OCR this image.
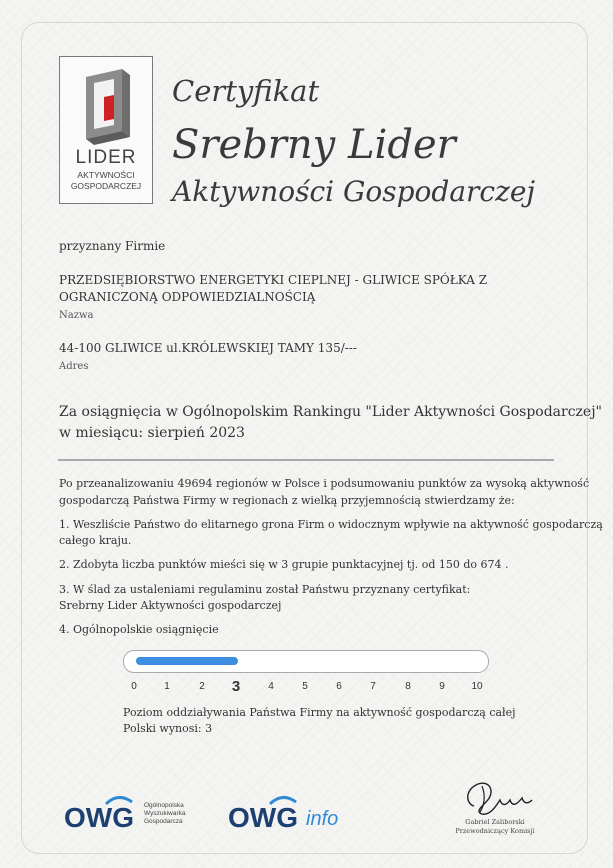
LIDER
AKTYWNOŚCI
GOSPODARCZEJ
Certyfikat
Srebrny Lider
Aktywności Gospodarczej
przyznany Firmie
PRZEDSIĘBIORSTWO ENERGETYKI CIEPLNEJ - GLIWICE SPÓŁKA Z
OGRANICZONĄ ODPOWIEDZIALNOŚCIĄ
Nazwa
44-100 GLIWICE ul.KRÓLEWSKIEJ TAMY 135/---
Adres
Za osiągnięcia w Ogólnopolskim Rankingu "Lider Aktywności Gospodarczej"
w miesiącu: sierpień 2023
Po przeanalizowaniu 49694 regionów w Polsce i podsumowaniu punktów za wysoką aktywność
gospodarczą Państwa Firmy w regionach z wielką przyjemnością stwierdzamy że:
1. Weszliście Państwo do elitarnego grona Firm o widocznym wpływie na aktywność gospodarczą
całego kraju.
2. Zdobyta liczba punktów mieści się w 3 grupie punktacyjnej tj. od 150 do 674 .
3. W ślad za ustaleniami regulaminu został Państwu przyznany certyfikat:
Srebrny Lider Aktywności gospodarczej
4. Ogólnopolskie osiągnięcie
0	1	2 3	4	5	6	7	8	9	10
Poziom oddziaływania Państwa Firmy na aktywność gospodarczą całej
Polski wynosi: 3
OWG Ogólnopolska
Wyszukiwarka
Gospodarcza OWG info	Gabriel Zaliborski
Przewodniczący Komisji
